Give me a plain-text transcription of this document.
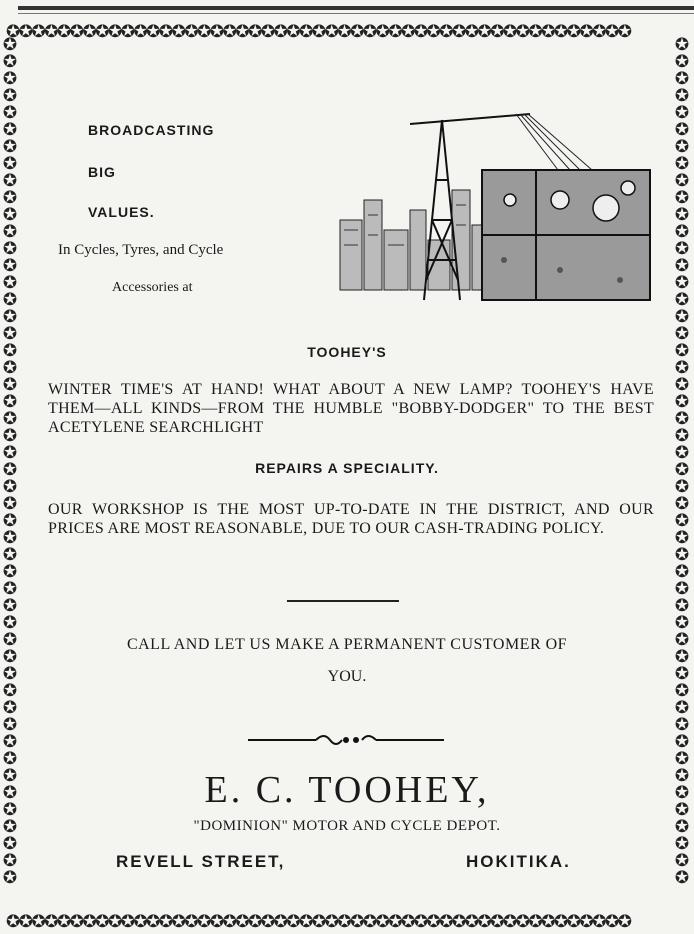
✪✪✪✪✪✪✪✪✪✪✪✪✪✪✪✪✪✪✪✪✪✪✪✪✪✪✪✪✪✪✪✪✪✪✪✪✪✪✪✪✪✪✪✪✪✪✪✪✪
✪✪✪✪✪✪✪✪✪✪✪✪✪✪✪✪✪✪✪✪✪✪✪✪✪✪✪✪✪✪✪✪✪✪✪✪✪✪✪✪✪✪✪✪✪✪✪✪✪
✪
✪
✪
✪
✪
✪
✪
✪
✪
✪
✪
✪
✪
✪
✪
✪
✪
✪
✪
✪
✪
✪
✪
✪
✪
✪
✪
✪
✪
✪
✪
✪
✪
✪
✪
✪
✪
✪
✪
✪
✪
✪
✪
✪
✪
✪
✪
✪
✪
✪
✪
✪
✪
✪
✪
✪
✪
✪
✪
✪
✪
✪
✪
✪
✪
✪
✪
✪
✪
✪
✪
✪
✪
✪
✪
✪
✪
✪
✪
✪
✪
✪
✪
✪
✪
✪
✪
✪
✪
✪
✪
✪
✪
✪
✪
✪
✪
✪
✪
✪
BROADCASTING
BIG
VALUES.
In Cycles, Tyres, and Cycle
Accessories at
TOOHEY'S
WINTER TIME'S AT HAND! WHAT ABOUT A NEW LAMP? TOOHEY'S HAVE THEM—ALL KINDS—FROM THE HUMBLE "BOBBY-DODGER" TO THE BEST ACETYLENE SEARCHLIGHT
REPAIRS A SPECIALITY.
OUR WORKSHOP IS THE MOST UP-TO-DATE IN THE DISTRICT, AND OUR PRICES ARE MOST REASONABLE, DUE TO OUR CASH-TRADING POLICY.
CALL AND LET US MAKE A PERMANENT CUSTOMER OF
YOU.
E. C. TOOHEY,
"DOMINION" MOTOR AND CYCLE DEPOT.
REVELL STREET,	HOKITIKA.
